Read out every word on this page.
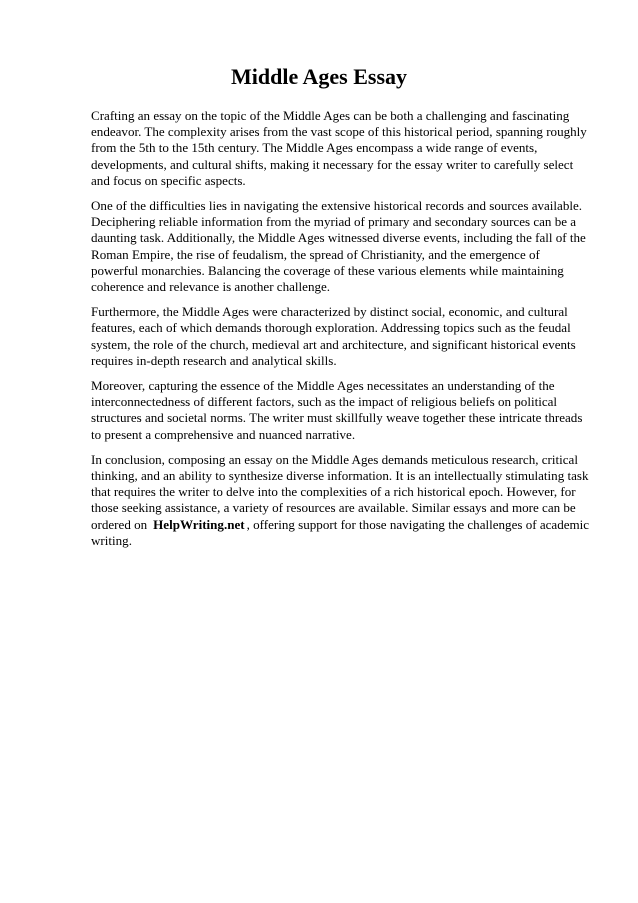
Middle Ages Essay

Crafting an essay on the topic of the Middle Ages can be both a challenging and fascinating endeavor. The complexity arises from the vast scope of this historical period, spanning roughly from the 5th to the 15th century. The Middle Ages encompass a wide range of events, developments, and cultural shifts, making it necessary for the essay writer to carefully select and focus on specific aspects.

One of the difficulties lies in navigating the extensive historical records and sources available. Deciphering reliable information from the myriad of primary and secondary sources can be a daunting task. Additionally, the Middle Ages witnessed diverse events, including the fall of the Roman Empire, the rise of feudalism, the spread of Christianity, and the emergence of powerful monarchies. Balancing the coverage of these various elements while maintaining coherence and relevance is another challenge.

Furthermore, the Middle Ages were characterized by distinct social, economic, and cultural features, each of which demands thorough exploration. Addressing topics such as the feudal system, the role of the church, medieval art and architecture, and significant historical events requires in-depth research and analytical skills.

Moreover, capturing the essence of the Middle Ages necessitates an understanding of the interconnectedness of different factors, such as the impact of religious beliefs on political structures and societal norms. The writer must skillfully weave together these intricate threads to present a comprehensive and nuanced narrative.

In conclusion, composing an essay on the Middle Ages demands meticulous research, critical thinking, and an ability to synthesize diverse information. It is an intellectually stimulating task that requires the writer to delve into the complexities of a rich historical epoch. However, for those seeking assistance, a variety of resources are available. Similar essays and more can be ordered on HelpWriting.net , offering support for those navigating the challenges of academic writing.
